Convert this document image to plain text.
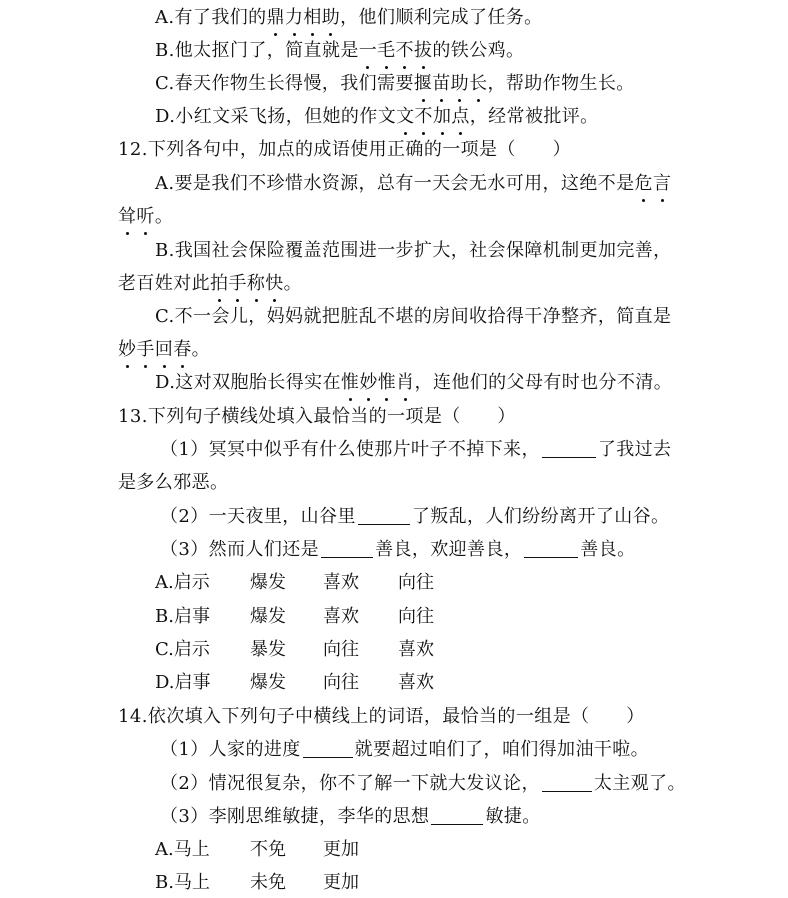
A.有了我们的鼎力相助，他们顺利完成了任务。
B.他太抠门了，简直就是一毛不拔的铁公鸡。
C.春天作物生长得慢，我们需要揠苗助长，帮助作物生长。
D.小红文采飞扬，但她的作文文不加点，经常被批评。
12.下列各句中，加点的成语使用正确的一项是（　　）
A.要是我们不珍惜水资源，总有一天会无水可用，这绝不是危言
耸听。
B.我国社会保险覆盖范围进一步扩大，社会保障机制更加完善，
老百姓对此拍手称快。
C.不一会儿，妈妈就把脏乱不堪的房间收拾得干净整齐，简直是
妙手回春。
D.这对双胞胎长得实在惟妙惟肖，连他们的父母有时也分不清。
13.下列句子横线处填入最恰当的一项是（　　）
（1）冥冥中似乎有什么使那片叶子不掉下来，	了我过去
是多么邪恶。
（2）一天夜里，山谷里	了叛乱，人们纷纷离开了山谷。
（3）然而人们还是	善良，欢迎善良，	善良。
A.启示 爆发 喜欢 向往
B.启事 爆发 喜欢 向往
C.启示 暴发 向往 喜欢
D.启事 爆发 向往 喜欢
14.依次填入下列句子中横线上的词语，最恰当的一组是（　　）
（1）人家的进度	就要超过咱们了，咱们得加油干啦。
（2）情况很复杂，你不了解一下就大发议论，	太主观了。
（3）李刚思维敏捷，李华的思想	敏捷。
A.马上 不免 更加
B.马上 未免 更加
